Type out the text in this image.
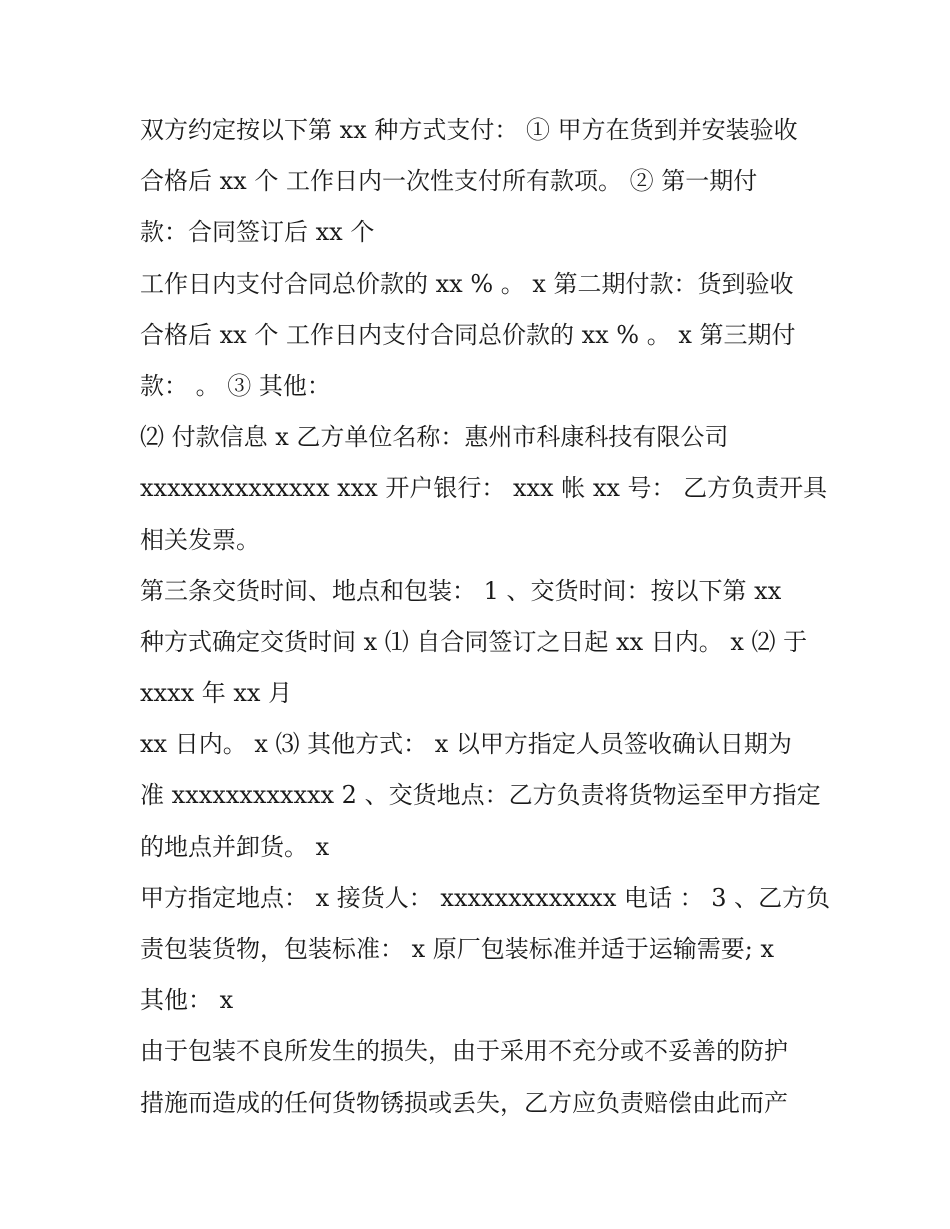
双方约定按以下第 xx 种方式支付： ① 甲方在货到并安装验收
合格后 xx 个 工作日内一次性支付所有款项。 ② 第一期付
款：合同签订后 xx 个
工作日内支付合同总价款的 xx % 。 x 第二期付款：货到验收
合格后 xx 个 工作日内支付合同总价款的 xx % 。 x 第三期付
款： 。 ③ 其他：
⑵ 付款信息 x 乙方单位名称：惠州市科康科技有限公司
xxxxxxxxxxxxxx xxx 开户银行： xxx 帐 xx 号： 乙方负责开具
相关发票。
第三条交货时间、地点和包装： 1 、交货时间：按以下第 xx
种方式确定交货时间 x ⑴ 自合同签订之日起 xx 日内。 x ⑵ 于
xxxx 年 xx 月
xx 日内。 x ⑶ 其他方式： x 以甲方指定人员签收确认日期为
准 xxxxxxxxxxxx 2 、交货地点：乙方负责将货物运至甲方指定
的地点并卸货。 x
甲方指定地点： x 接货人： xxxxxxxxxxxxx 电话 ： 3 、乙方负
责包装货物，包装标准： x 原厂包装标准并适于运输需要; x
其他： x
由于包装不良所发生的损失，由于采用不充分或不妥善的防护
措施而造成的任何货物锈损或丢失，乙方应负责赔偿由此而产
